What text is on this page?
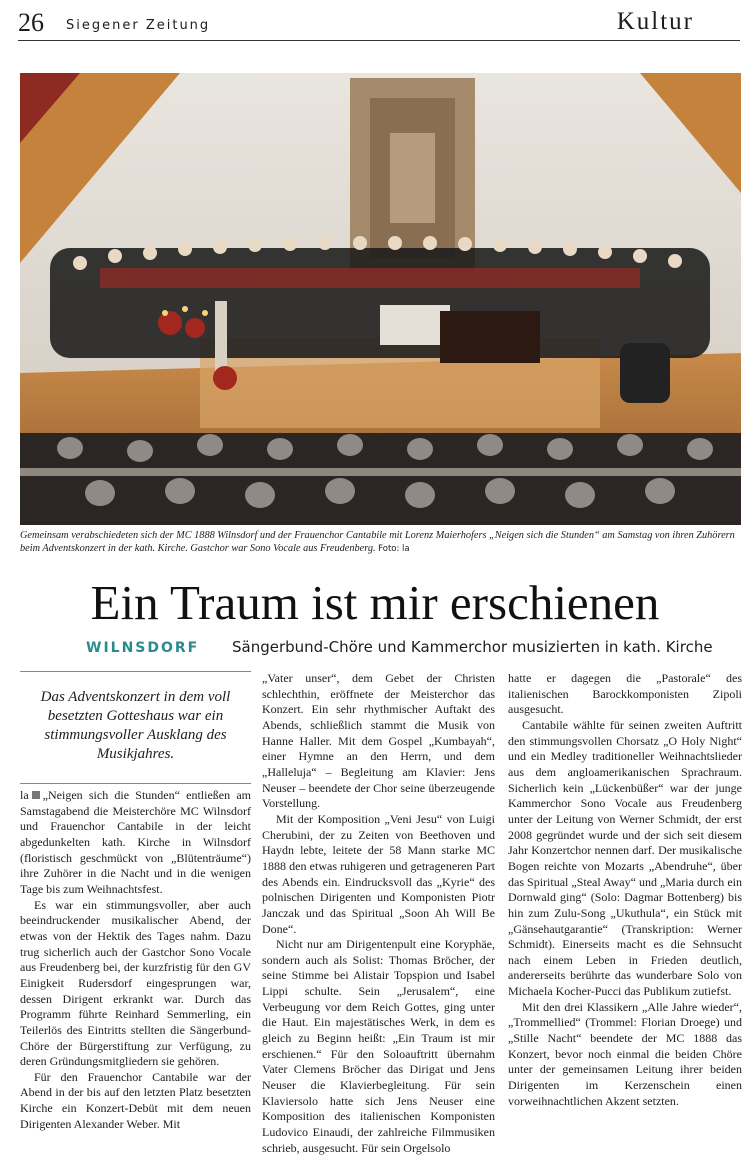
26 Siegener Zeitung	Kultur
Gemeinsam verabschiedeten sich der MC 1888 Wilnsdorf und der Frauenchor Cantabile mit Lorenz Maierhofers „Neigen sich die Stunden“ am Samstag von ihren Zuhörern beim Adventskonzert in der kath. Kirche. Gastchor war Sono Vocale aus Freudenberg. Foto: la
Ein Traum ist mir erschienen
WILNSDORF Sängerbund-Chöre und Kammerchor musizierten in kath. Kirche
Das Adventskonzert in dem voll besetzten Gotteshaus war ein stimmungsvoller Ausklang des Musikjahres.

la „Neigen sich die Stunden“ entließen am Samstagabend die Meisterchöre MC Wilnsdorf und Frauenchor Cantabile in der leicht abgedunkelten kath. Kirche in Wilnsdorf (floristisch geschmückt von „Blütenträume“) ihre Zuhörer in die Nacht und in die wenigen Tage bis zum Weihnachtsfest.

Es war ein stimmungsvoller, aber auch beeindruckender musikalischer Abend, der etwas von der Hektik des Tages nahm. Dazu trug sicherlich auch der Gastchor Sono Vocale aus Freudenberg bei, der kurzfristig für den GV Einigkeit Rudersdorf eingesprungen war, dessen Dirigent erkrankt war. Durch das Programm führte Reinhard Semmerling, ein Teilerlös des Eintritts stellten die Sängerbund-Chöre der Bürgerstiftung zur Verfügung, zu deren Gründungsmitgliedern sie gehören.

Für den Frauenchor Cantabile war der Abend in der bis auf den letzten Platz besetzten Kirche ein Konzert-Debüt mit dem neuen Dirigenten Alexander Weber. Mit

„Vater unser“, dem Gebet der Christen schlechthin, eröffnete der Meisterchor das Konzert. Ein sehr rhythmischer Auftakt des Abends, schließlich stammt die Musik von Hanne Haller. Mit dem Gospel „Kumbayah“, einer Hymne an den Herrn, und dem „Halleluja“ – Begleitung am Klavier: Jens Neuser – beendete der Chor seine überzeugende Vorstellung.

Mit der Komposition „Veni Jesu“ von Luigi Cherubini, der zu Zeiten von Beethoven und Haydn lebte, leitete der 58 Mann starke MC 1888 den etwas ruhigeren und getrageneren Part des Abends ein. Eindrucksvoll das „Kyrie“ des polnischen Dirigenten und Komponisten Piotr Janczak und das Spiritual „Soon Ah Will Be Done“.

Nicht nur am Dirigentenpult eine Koryphäe, sondern auch als Solist: Thomas Bröcher, der seine Stimme bei Alistair Topspion und Isabel Lippi schulte. Sein „Jerusalem“, eine Verbeugung vor dem Reich Gottes, ging unter die Haut. Ein majestätisches Werk, in dem es gleich zu Beginn heißt: „Ein Traum ist mir erschienen.“ Für den Soloauftritt übernahm Vater Clemens Bröcher das Dirigat und Jens Neuser die Klavierbegleitung. Für sein Klaviersolo hatte sich Jens Neuser eine Komposition des italienischen Komponisten Ludovico Einaudi, der zahlreiche Filmmusiken schrieb, ausgesucht. Für sein Orgelsolo

hatte er dagegen die „Pastorale“ des italienischen Barockkomponisten Zipoli ausgesucht.

Cantabile wählte für seinen zweiten Auftritt den stimmungsvollen Chorsatz „O Holy Night“ und ein Medley traditioneller Weihnachtslieder aus dem angloamerikanischen Sprachraum. Sicherlich kein „Lückenbüßer“ war der junge Kammerchor Sono Vocale aus Freudenberg unter der Leitung von Werner Schmidt, der erst 2008 gegründet wurde und der sich seit diesem Jahr Konzertchor nennen darf. Der musikalische Bogen reichte von Mozarts „Abendruhe“, über das Spiritual „Steal Away“ und „Maria durch ein Dornwald ging“ (Solo: Dagmar Bottenberg) bis hin zum Zulu-Song „Ukuthula“, ein Stück mit „Gänsehautgarantie“ (Transkription: Werner Schmidt). Einerseits macht es die Sehnsucht nach einem Leben in Frieden deutlich, andererseits berührte das wunderbare Solo von Michaela Kocher-Pucci das Publikum zutiefst.

Mit den drei Klassikern „Alle Jahre wieder“, „Trommellied“ (Trommel: Florian Droege) und „Stille Nacht“ beendete der MC 1888 das Konzert, bevor noch einmal die beiden Chöre unter der gemeinsamen Leitung ihrer beiden Dirigenten im Kerzenschein einen vorweihnachtlichen Akzent setzten.
